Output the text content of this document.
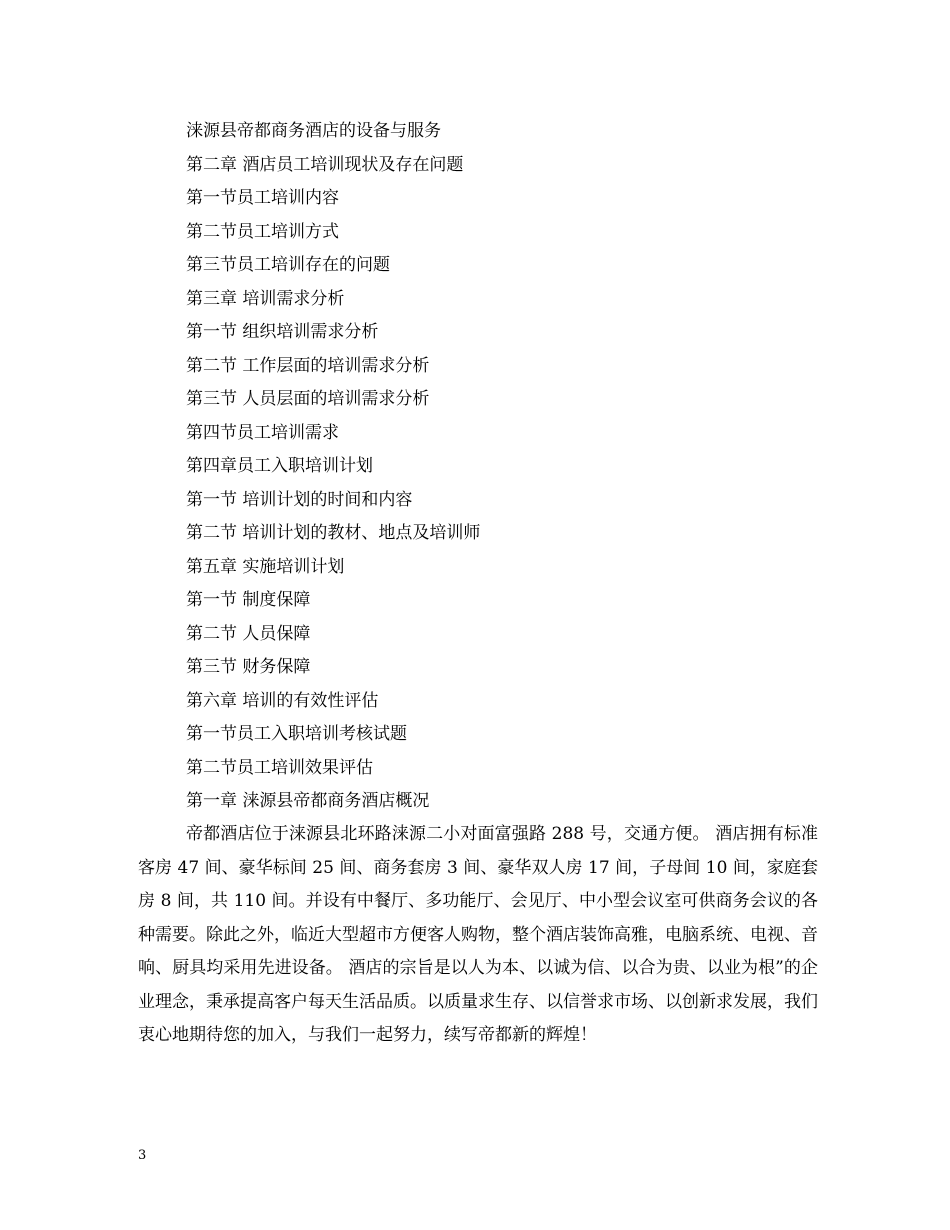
涞源县帝都商务酒店的设备与服务
第二章 酒店员工培训现状及存在问题
第一节员工培训内容
第二节员工培训方式
第三节员工培训存在的问题
第三章 培训需求分析
第一节 组织培训需求分析
第二节 工作层面的培训需求分析
第三节 人员层面的培训需求分析
第四节员工培训需求
第四章员工入职培训计划
第一节 培训计划的时间和内容
第二节 培训计划的教材、地点及培训师
第五章 实施培训计划
第一节 制度保障
第二节 人员保障
第三节 财务保障
第六章 培训的有效性评估
第一节员工入职培训考核试题
第二节员工培训效果评估
第一章 涞源县帝都商务酒店概况

帝都酒店位于涞源县北环路涞源二小对面富强路 288 号，交通方便。 酒店拥有标准客房 47 间、豪华标间 25 间、商务套房 3 间、豪华双人房 17 间，子母间 10 间，家庭套房 8 间，共 110 间。并设有中餐厅、多功能厅、会见厅、中小型会议室可供商务会议的各种需要。除此之外，临近大型超市方便客人购物，整个酒店装饰高雅，电脑系统、电视、音响、厨具均采用先进设备。 酒店的宗旨是以人为本、以诚为信、以合为贵、以业为根”的企业理念，秉承提高客户每天生活品质。以质量求生存、以信誉求市场、以创新求发展，我们衷心地期待您的加入，与我们一起努力，续写帝都新的辉煌！

3
